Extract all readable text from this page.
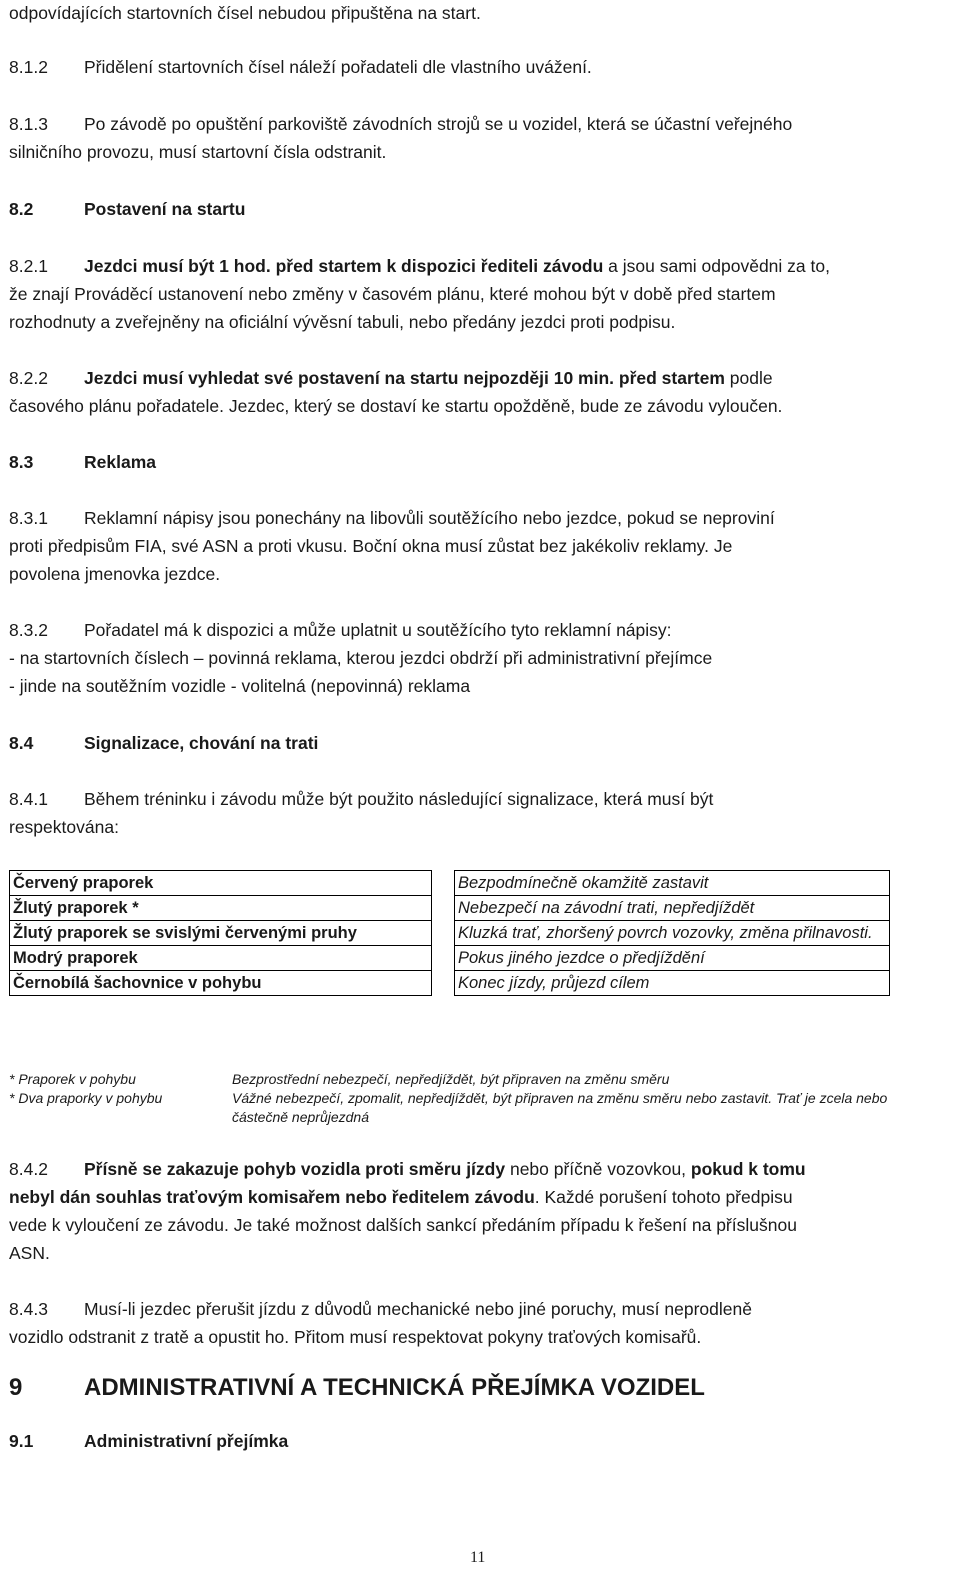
odpovídajících startovních čísel nebudou připuštěna na start.
8.1.2 Přidělení startovních čísel náleží pořadateli dle vlastního uvážení.
8.1.3 Po závodě po opuštění parkoviště závodních strojů se u vozidel, která se účastní veřejného
silničního provozu, musí startovní čísla odstranit.
8.2	Postavení na startu
8.2.1 Jezdci musí být 1 hod. před startem k dispozici řediteli závodu a jsou sami odpovědni za to,
že znají Prováděcí ustanovení nebo změny v časovém plánu, které mohou být v době před startem
rozhodnuty a zveřejněny na oficiální vývěsní tabuli, nebo předány jezdci proti podpisu.
8.2.2 Jezdci musí vyhledat své postavení na startu nejpozději 10 min. před startem podle
časového plánu pořadatele. Jezdec, který se dostaví ke startu opožděně, bude ze závodu vyloučen.
8.3	Reklama
8.3.1 Reklamní nápisy jsou ponechány na libovůli soutěžícího nebo jezdce, pokud se neproviní
proti předpisům FIA, své ASN a proti vkusu. Boční okna musí zůstat bez jakékoliv reklamy. Je
povolena jmenovka jezdce.
8.3.2 Pořadatel má k dispozici a může uplatnit u soutěžícího tyto reklamní nápisy:
- na startovních číslech – povinná reklama, kterou jezdci obdrží při administrativní přejímce
- jinde na soutěžním vozidle - volitelná (nepovinná) reklama
8.4	Signalizace, chování na trati
8.4.1 Během tréninku i závodu může být použito následující signalizace, která musí být
respektována:
Červený praporek		Bezpodmínečně okamžitě zastavit
Žlutý praporek *		Nebezpečí na závodní trati, nepředjíždět
Žlutý praporek se svislými červenými pruhy		Kluzká trať, zhoršený povrch vozovky, změna přilnavosti.
Modrý praporek		Pokus jiného jezdce o předjíždění
Černobílá šachovnice v pohybu		Konec jízdy, průjezd cílem
* Praporek v pohybu	Bezprostřední nebezpečí, nepředjíždět, být připraven na změnu směru
* Dva praporky v pohybu	Vážné nebezpečí, zpomalit, nepředjíždět, být připraven na změnu směru nebo zastavit. Trať je zcela nebo
částečně neprůjezdná
8.4.2 Přísně se zakazuje pohyb vozidla proti směru jízdy nebo příčně vozovkou, pokud k tomu
nebyl dán souhlas traťovým komisařem nebo ředitelem závodu. Každé porušení tohoto předpisu
vede k vyloučení ze závodu. Je také možnost dalších sankcí předáním případu k řešení na příslušnou
ASN.
8.4.3 Musí-li jezdec přerušit jízdu z důvodů mechanické nebo jiné poruchy, musí neprodleně
vozidlo odstranit z tratě a opustit ho. Přitom musí respektovat pokyny traťových komisařů.
9	ADMINISTRATIVNÍ A TECHNICKÁ PŘEJÍMKA VOZIDEL
9.1	Administrativní přejímka
11
